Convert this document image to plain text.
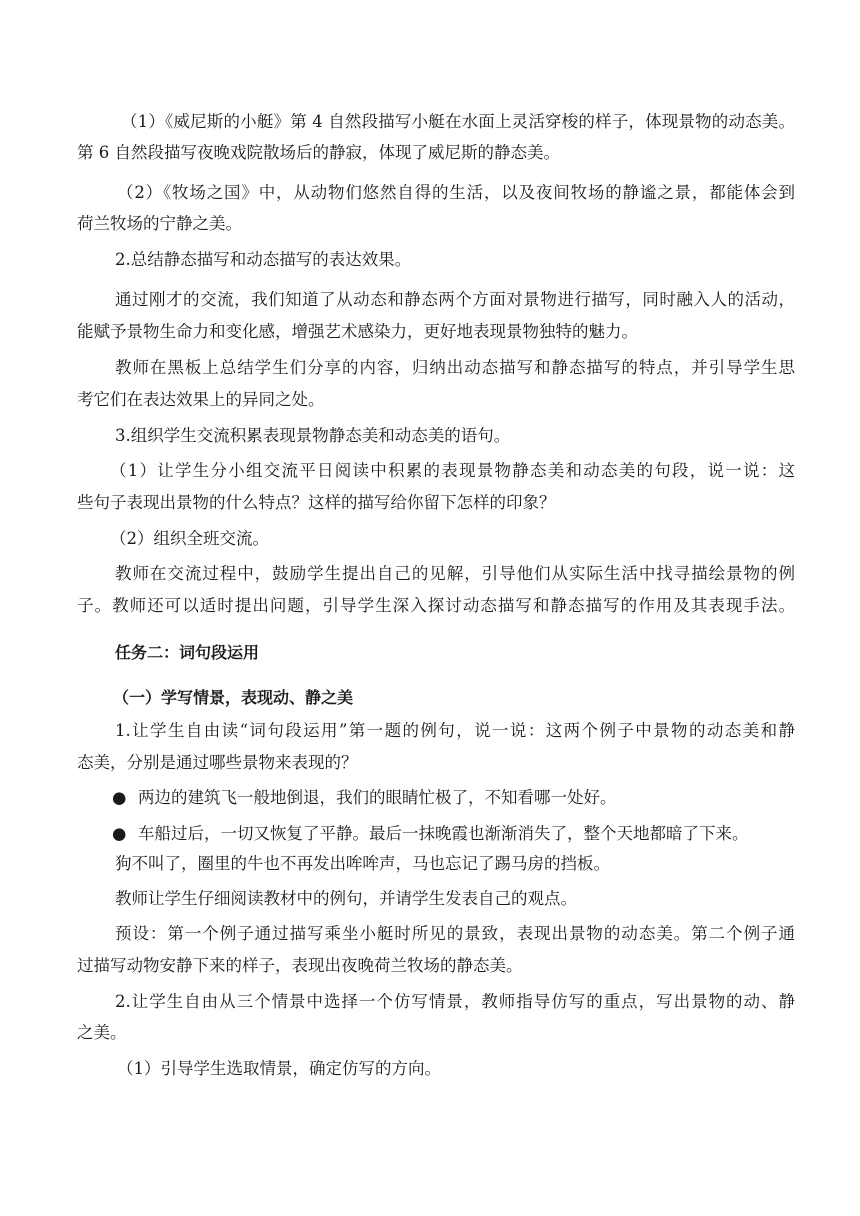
（1）《威尼斯的小艇》第 4 自然段描写小艇在水面上灵活穿梭的样子，体现景物的动态美。
第 6 自然段描写夜晚戏院散场后的静寂，体现了威尼斯的静态美。
（2）《牧场之国》中，从动物们悠然自得的生活，以及夜间牧场的静谧之景，都能体会到
荷兰牧场的宁静之美。
2.总结静态描写和动态描写的表达效果。
通过刚才的交流，我们知道了从动态和静态两个方面对景物进行描写，同时融入人的活动，
能赋予景物生命力和变化感，增强艺术感染力，更好地表现景物独特的魅力。
教师在黑板上总结学生们分享的内容，归纳出动态描写和静态描写的特点，并引导学生思
考它们在表达效果上的异同之处。
3.组织学生交流积累表现景物静态美和动态美的语句。
（1）让学生分小组交流平日阅读中积累的表现景物静态美和动态美的句段，说一说：这
些句子表现出景物的什么特点？这样的描写给你留下怎样的印象？
（2）组织全班交流。
教师在交流过程中，鼓励学生提出自己的见解，引导他们从实际生活中找寻描绘景物的例
子。教师还可以适时提出问题，引导学生深入探讨动态描写和静态描写的作用及其表现手法。
任务二：词句段运用
（一）学写情景，表现动、静之美
1.让学生自由读“词句段运用”第一题的例句，说一说：这两个例子中景物的动态美和静
态美，分别是通过哪些景物来表现的？
● 两边的建筑飞一般地倒退，我们的眼睛忙极了，不知看哪一处好。
● 车船过后，一切又恢复了平静。最后一抹晚霞也渐渐消失了，整个天地都暗了下来。
狗不叫了，圈里的牛也不再发出哞哞声，马也忘记了踢马房的挡板。
教师让学生仔细阅读教材中的例句，并请学生发表自己的观点。
预设：第一个例子通过描写乘坐小艇时所见的景致，表现出景物的动态美。第二个例子通
过描写动物安静下来的样子，表现出夜晚荷兰牧场的静态美。
2.让学生自由从三个情景中选择一个仿写情景，教师指导仿写的重点，写出景物的动、静
之美。
（1）引导学生选取情景，确定仿写的方向。
